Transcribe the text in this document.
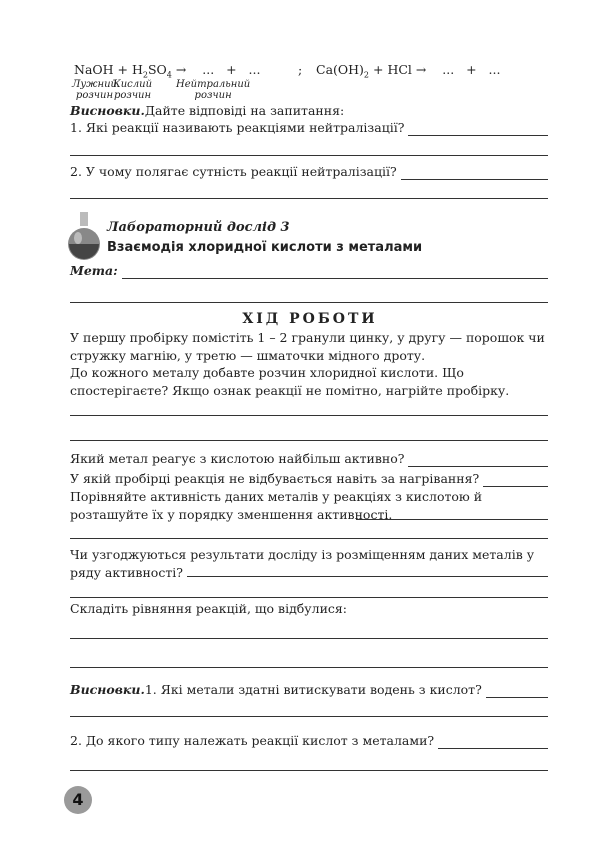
NaOH + $H_2SO_4$ → ... + ...	; $Ca(OH)_2$ + HCl → ... + ...
Лужний
розчин
Кислий
розчин
Нейтральний
розчин
Висновки. Дайте відповіді на запитання:
1. Які реакції називають реакціями нейтралізації?
2. У чому полягає сутність реакції нейтралізації?
Лабораторний дослід 3
Взаємодія хлоридної кислоти з металами
Мета:
ХІД РОБОТИ
У першу пробірку помістіть 1 – 2 гранули цинку, у другу — порошок чи стружку магнію, у третю — шматочки мідного дроту.
До кожного металу добавте розчин хлоридної кислоти. Що спостерігаєте? Якщо ознак реакції не помітно, нагрійте пробірку.
Який метал реагує з кислотою найбільш активно?
У якій пробірці реакція не відбувається навіть за нагрівання?
Порівняйте активність даних металів у реакціях з кислотою й розташуйте їх у порядку зменшення активності.
Чи узгоджуються результати досліду із розміщенням даних металів у ряду активності?
Складіть рівняння реакцій, що відбулися:
Висновки. 1. Які метали здатні витискувати водень з кислот?
2. До якого типу належать реакції кислот з металами?
4
